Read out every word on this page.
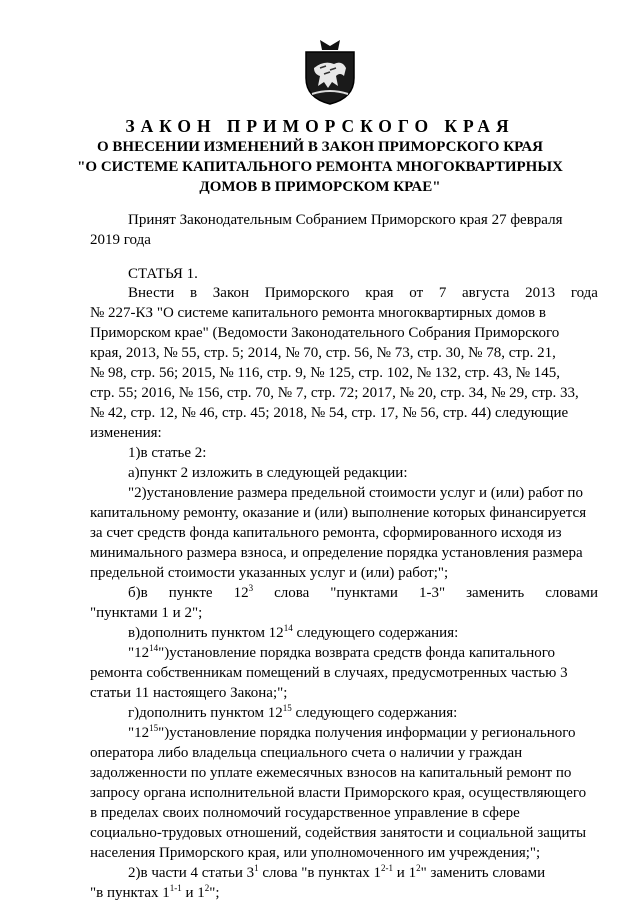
ЗАКОН ПРИМОРСКОГО КРАЯ
О ВНЕСЕНИИ ИЗМЕНЕНИЙ В ЗАКОН ПРИМОРСКОГО КРАЯ
"О СИСТЕМЕ КАПИТАЛЬНОГО РЕМОНТА МНОГОКВАРТИРНЫХ
ДОМОВ В ПРИМОРСКОМ КРАЕ"
Принят Законодательным Собранием Приморского края 27 февраля
2019 года
СТАТЬЯ 1.
Внести в Закон Приморского края от 7 августа 2013 года
№ 227-КЗ "О системе капитального ремонта многоквартирных домов в
Приморском крае" (Ведомости Законодательного Собрания Приморского
края, 2013, № 55, стр. 5; 2014, № 70, стр. 56, № 73, стр. 30, № 78, стр. 21,
№ 98, стр. 56; 2015, № 116, стр. 9, № 125, стр. 102, № 132, стр. 43, № 145,
стр. 55; 2016, № 156, стр. 70, № 7, стр. 72; 2017, № 20, стр. 34, № 29, стр. 33,
№ 42, стр. 12, № 46, стр. 45; 2018, № 54, стр. 17, № 56, стр. 44) следующие
изменения:
1)в статье 2:
а)пункт 2 изложить в следующей редакции:
"2)установление размера предельной стоимости услуг и (или) работ по
капитальному ремонту, оказание и (или) выполнение которых финансируется
за счет средств фонда капитального ремонта, сформированного исходя из
минимального размера взноса, и определение порядка установления размера
предельной стоимости указанных услуг и (или) работ;";
б)в пункте $12^3$ слова "пунктами 1-3" заменить словами
"пунктами 1 и 2";
в)дополнить пунктом $12^{14}$ следующего содержания:
"$12^{14}")установление$ порядка возврата средств фонда капитального
ремонта собственникам помещений в случаях, предусмотренных частью 3
статьи 11 настоящего Закона;";
г)дополнить пунктом $12^{15}$ следующего содержания:
"$12^{15}")установление$ порядка получения информации у регионального
оператора либо владельца специального счета о наличии у граждан
задолженности по уплате ежемесячных взносов на капитальный ремонт по
запросу органа исполнительной власти Приморского края, осуществляющего
в пределах своих полномочий государственное управление в сфере
социально-трудовых отношений, содействия занятости и социальной защиты
населения Приморского края, или уполномоченного им учреждения;";
2)в части 4 статьи $3^1$ слова "в пунктах 1$^{2-1}$ и $1^2$" заменить словами
"в пунктах 1$^{1-1}$ и $1^2$";
